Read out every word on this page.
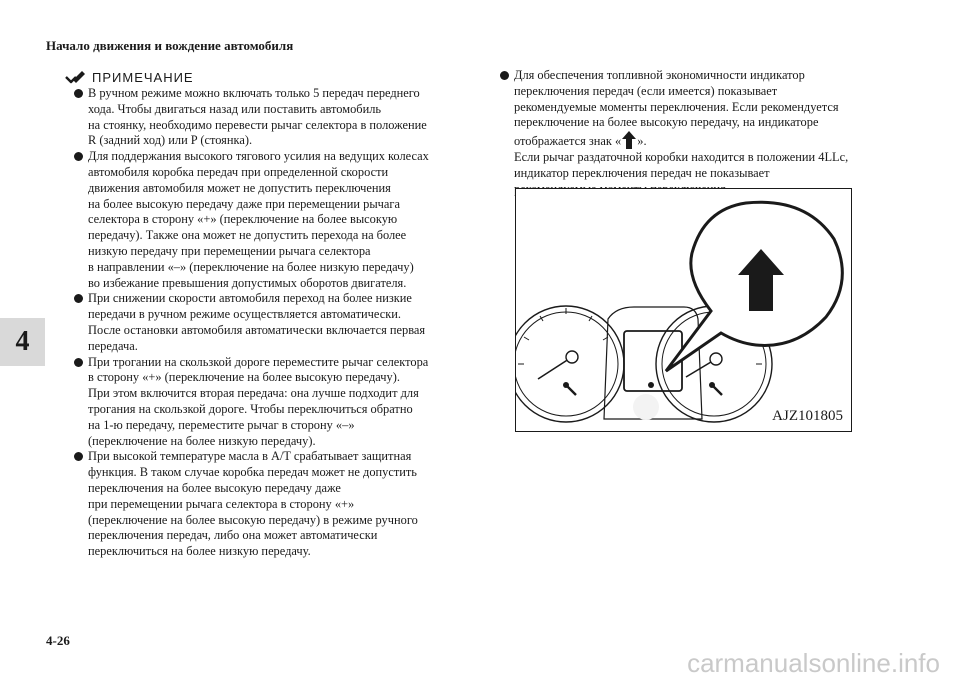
Начало движения и вождение автомобиля
4
ПРИМЕЧАНИЕ
В ручном режиме можно включать только 5 передач переднего
хода. Чтобы двигаться назад или поставить автомобиль
на стоянку, необходимо перевести рычаг селектора в положение
R (задний ход) или P (стоянка).
Для поддержания высокого тягового усилия на ведущих колесах
автомобиля коробка передач при определенной скорости
движения автомобиля может не допустить переключения
на более высокую передачу даже при перемещении рычага
селектора в сторону «+» (переключение на более высокую
передачу). Также она может не допустить перехода на более
низкую передачу при перемещении рычага селектора
в направлении «–» (переключение на более низкую передачу)
во избежание превышения допустимых оборотов двигателя.
При снижении скорости автомобиля переход на более низкие
передачи в ручном режиме осуществляется автоматически.
После остановки автомобиля автоматически включается первая
передача.
При трогании на скользкой дороге переместите рычаг селектора
в сторону «+» (переключение на более высокую передачу).
При этом включится вторая передача: она лучше подходит для
трогания на скользкой дороге. Чтобы переключиться обратно
на 1-ю передачу, переместите рычаг в сторону «–»
(переключение на более низкую передачу).
При высокой температуре масла в A/T срабатывает защитная
функция. В таком случае коробка передач может не допустить
переключения на более высокую передачу даже
при перемещении рычага селектора в сторону «+»
(переключение на более высокую передачу) в режиме ручного
переключения передач, либо она может автоматически
переключиться на более низкую передачу.
Для обеспечения топливной экономичности индикатор
переключения передач (если имеется) показывает
рекомендуемые моменты переключения. Если рекомендуется
переключение на более высокую передачу, на индикаторе
отображается знак « ».
Если рычаг раздаточной коробки находится в положении 4LLc,
индикатор переключения передач не показывает
AJZ101805
4-26
carmanualsonline.info
